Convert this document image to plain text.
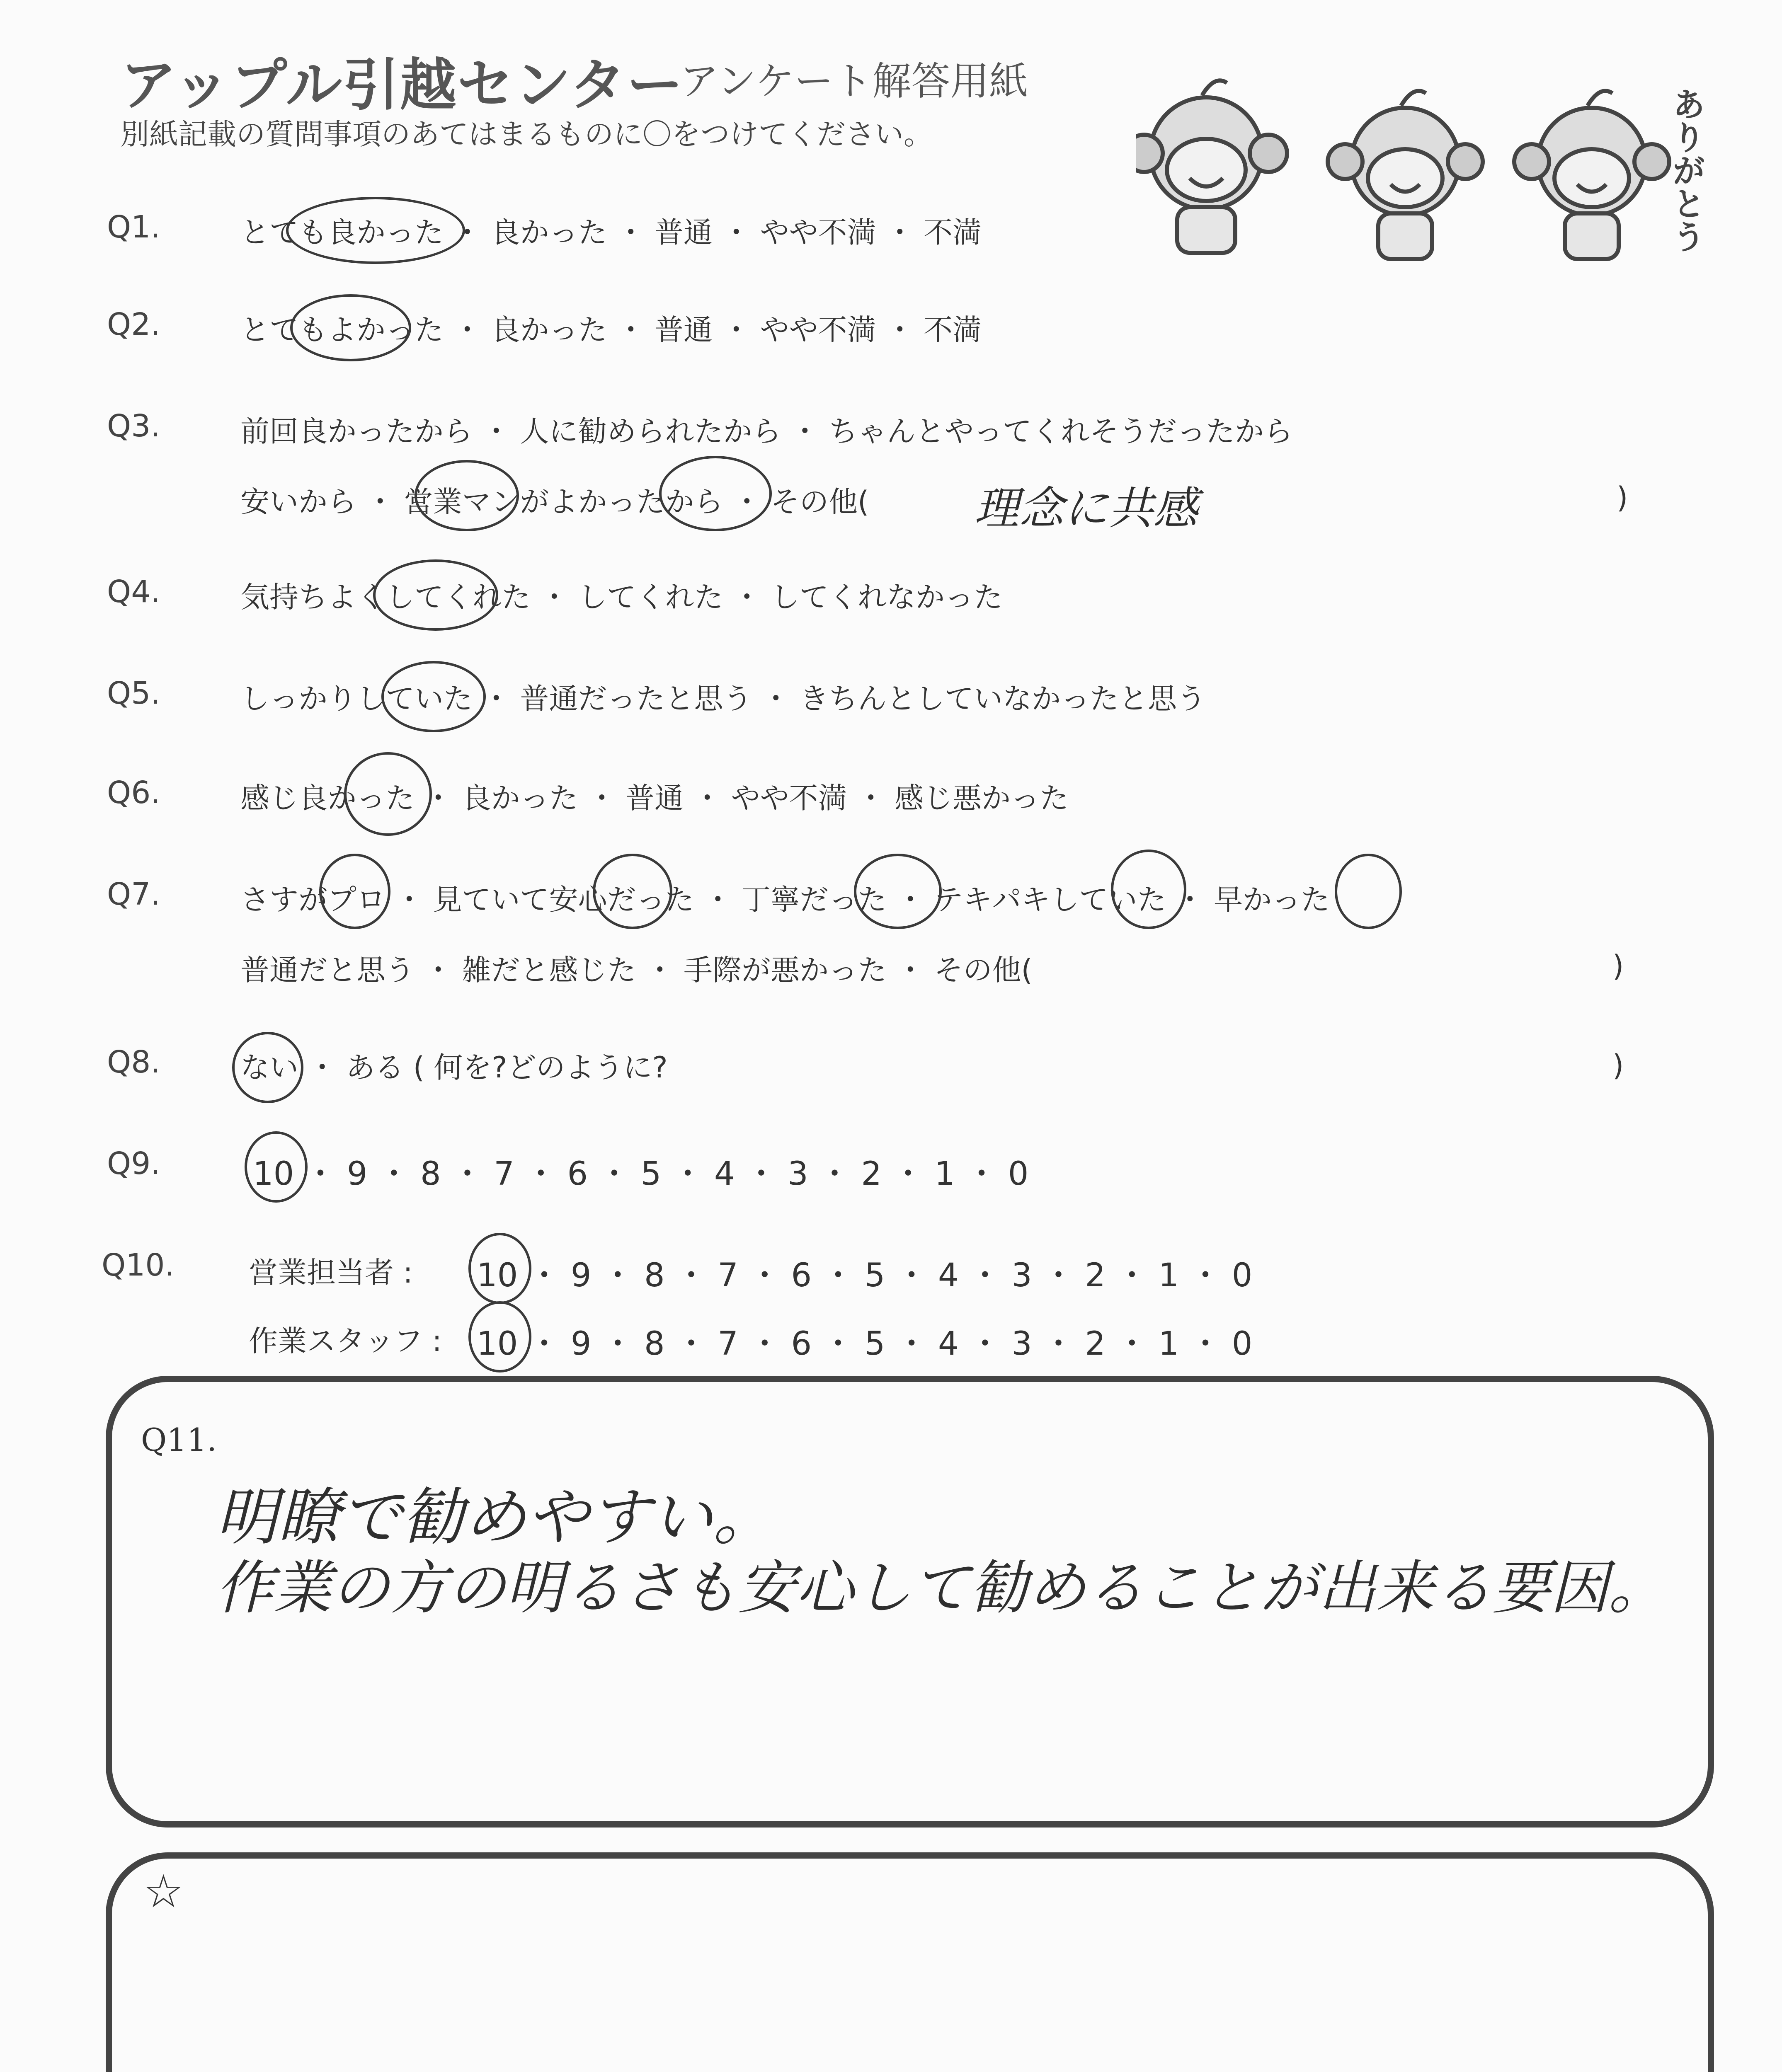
アップル引越センター
アンケート解答用紙
別紙記載の質問事項のあてはまるものに〇をつけてください。	ありがとう
Q1.	とても良かった ・ 良かった ・ 普通 ・ やや不満 ・ 不満
Q2.	とてもよかった ・ 良かった ・ 普通 ・ やや不満 ・ 不満
Q3.	前回良かったから ・ 人に勧められたから ・ ちゃんとやってくれそうだったから
安いから ・ 営業マンがよかったから ・ その他( 理念に共感	)
Q4.	気持ちよくしてくれた ・ してくれた ・ してくれなかった
Q5.	しっかりしていた ・ 普通だったと思う ・ きちんとしていなかったと思う
Q6.	感じ良かった ・ 良かった ・ 普通 ・ やや不満 ・ 感じ悪かった
Q7.	さすがプロ ・ 見ていて安心だった ・ 丁寧だった ・ テキパキしていた ・ 早かった
普通だと思う ・ 雑だと感じた ・ 手際が悪かった ・ その他(	)
Q8.	ない ・ ある ( 何を?どのように?	)
Q9.	10 ・ 9 ・ 8 ・ 7 ・ 6 ・ 5 ・ 4 ・ 3 ・ 2 ・ 1 ・ 0
Q10.	営業担当者 : 10 ・ 9 ・ 8 ・ 7 ・ 6 ・ 5 ・ 4 ・ 3 ・ 2 ・ 1 ・ 0
作業スタッフ : 10 ・ 9 ・ 8 ・ 7 ・ 6 ・ 5 ・ 4 ・ 3 ・ 2 ・ 1 ・ 0
Q11.
明瞭で勧めやすい。
作業の方の明るさも安心して勧めることが出来る要因。
☆
